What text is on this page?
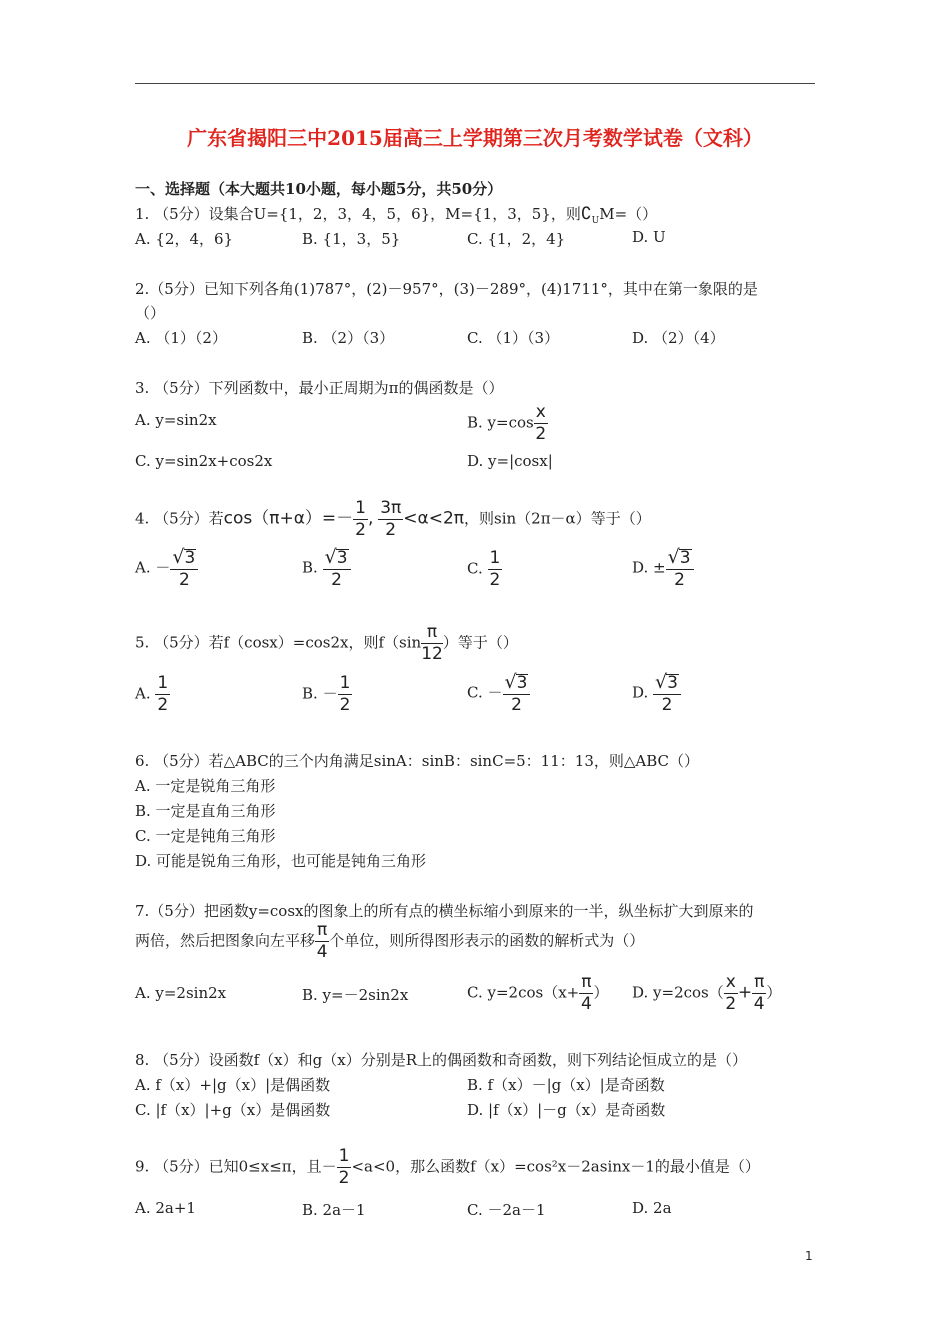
广东省揭阳三中2015届高三上学期第三次月考数学试卷（文科）
一、选择题（本大题共10小题，每小题5分，共50分）
1. （5分）设集合U={1，2，3，4，5，6}，M={1，3，5}，则$∁_UM=()$
A. {2，4，6}	B. {1，3，5}	C. {1，2，4}	D. U
2.（5分）已知下列各角(1)787°，(2)－957°，(3)－289°，(4)1711°，其中在第一象限的是
（）
A. （1）（2）	B. （2）（3）	C. （1）（3）	D. （2）（4）
3. （5分）下列函数中，最小正周期为π的偶函数是（）
A. y=sin2x	B. $y=\cos \frac{x}{2}$
C. y=sin2x+cos2x	D. y=|cosx|
4. （5分）若$\cos(\pi+\alpha)=- \frac{1}{2}$ , $\frac{3\pi}{2} <\alpha<2\pi$，则sin（2π－α）等于（）
A. － $\frac{√3}{2}$	B. $\frac{√3}{2}$	C. $\frac{1}{2}$	D. ± $\frac{√3}{2}$
5. （5分）若f（cosx）=cos2x，则$f(\sin \frac{\pi}{12}$ ）等于（）
A. $\frac{1}{2}$	B. － $\frac{1}{2}$	C. － $\frac{√3}{2}$	D. $\frac{√3}{2}$
6. （5分）若△ABC的三个内角满足sinA：sinB：sinC=5：11：13，则△ABC（）
A. 一定是锐角三角形
B. 一定是直角三角形
C. 一定是钝角三角形
D. 可能是锐角三角形，也可能是钝角三角形
7.（5分）把函数y=cosx的图象上的所有点的横坐标缩小到原来的一半，纵坐标扩大到原来的
两倍，然后把图象向左平移 $\frac{\pi}{4}$ 个单位，则所得图形表示的函数的解析式为（）
A. y=2sin2x	B. y=－2sin2x	C. $y=2\cos(x+ \frac{\pi}{4}$ ） D. $y=2\cos( \frac{x}{2} + \frac{\pi}{4}$ ）
8. （5分）设函数f（x）和g（x）分别是R上的偶函数和奇函数，则下列结论恒成立的是（）
A. f（x）+|g（x）|是偶函数	B. f（x）－|g（x）|是奇函数
C. |f（x）|+g（x）是偶函数	D. |f（x）|－g（x）是奇函数
9. （5分）已知0≤x≤π，且－ $\frac{1}{2} <a<0$，那么函数f（x）=cos²x－2asinx－1的最小值是（）
A. 2a+1	B. 2a－1	C. －2a－1	D. 2a
1
